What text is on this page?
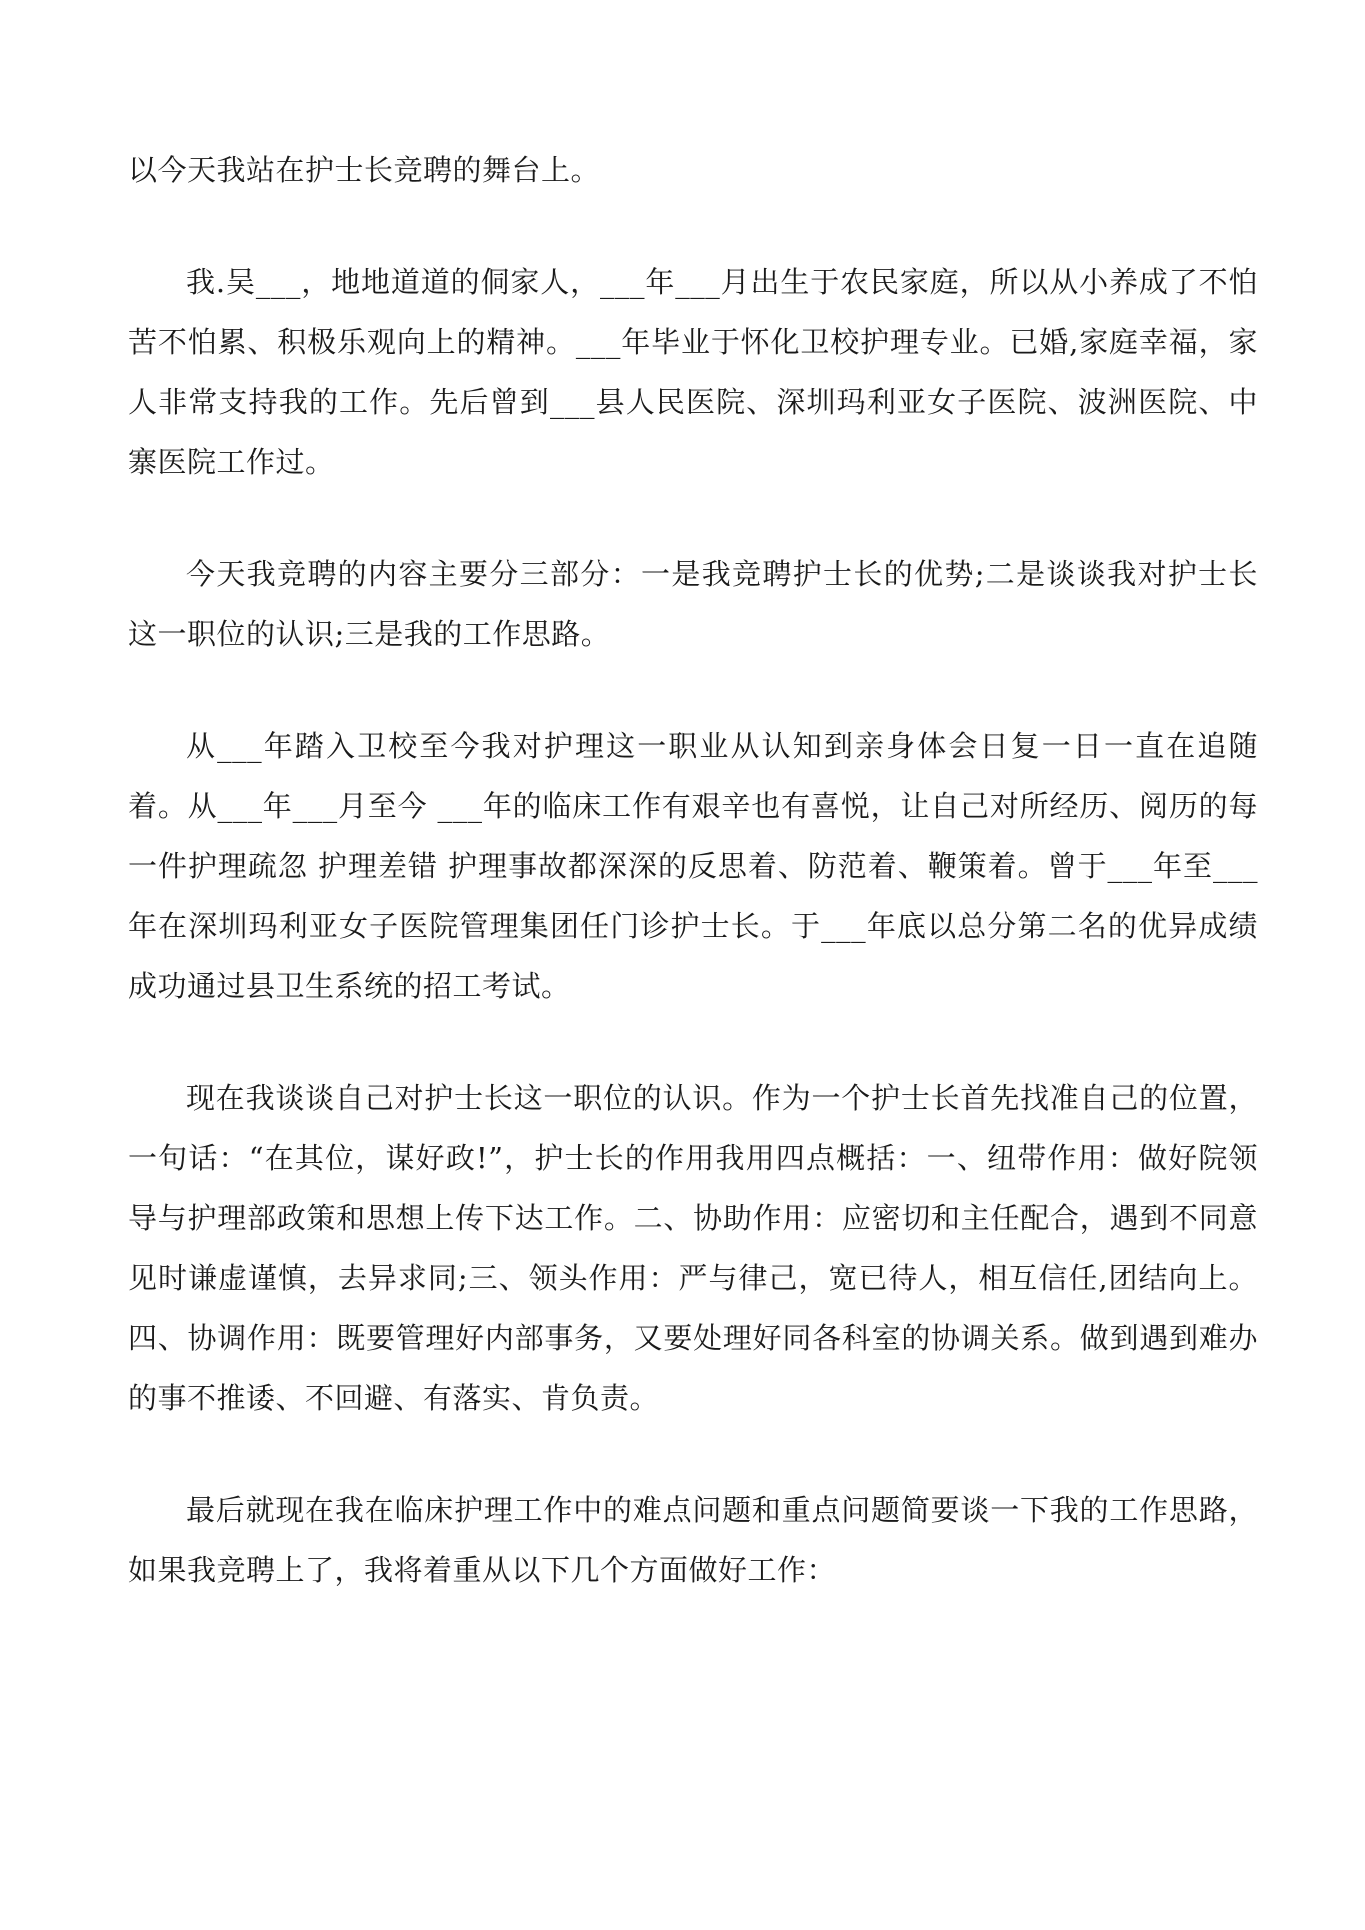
以今天我站在护士长竞聘的舞台上。

我.吴___，地地道道的侗家人，___年___月出生于农民家庭，所以从小养成了不怕苦不怕累、积极乐观向上的精神。___年毕业于怀化卫校护理专业。已婚,家庭幸福，家人非常支持我的工作。先后曾到___县人民医院、深圳玛利亚女子医院、波洲医院、中寨医院工作过。

今天我竞聘的内容主要分三部分：一是我竞聘护士长的优势;二是谈谈我对护士长这一职位的认识;三是我的工作思路。

从___年踏入卫校至今我对护理这一职业从认知到亲身体会日复一日一直在追随着。从___年___月至今 ___年的临床工作有艰辛也有喜悦，让自己对所经历、阅历的每一件护理疏忽 护理差错 护理事故都深深的反思着、防范着、鞭策着。曾于___年至___年在深圳玛利亚女子医院管理集团任门诊护士长。于___年底以总分第二名的优异成绩成功通过县卫生系统的招工考试。

现在我谈谈自己对护士长这一职位的认识。作为一个护士长首先找准自己的位置，一句话：“在其位，谋好政!”，护士长的作用我用四点概括：一、纽带作用：做好院领导与护理部政策和思想上传下达工作。二、协助作用：应密切和主任配合，遇到不同意见时谦虚谨慎，去异求同;三、领头作用：严与律己，宽已待人，相互信任,团结向上。四、协调作用：既要管理好内部事务，又要处理好同各科室的协调关系。做到遇到难办的事不推诿、不回避、有落实、肯负责。

最后就现在我在临床护理工作中的难点问题和重点问题简要谈一下我的工作思路，如果我竞聘上了，我将着重从以下几个方面做好工作：
